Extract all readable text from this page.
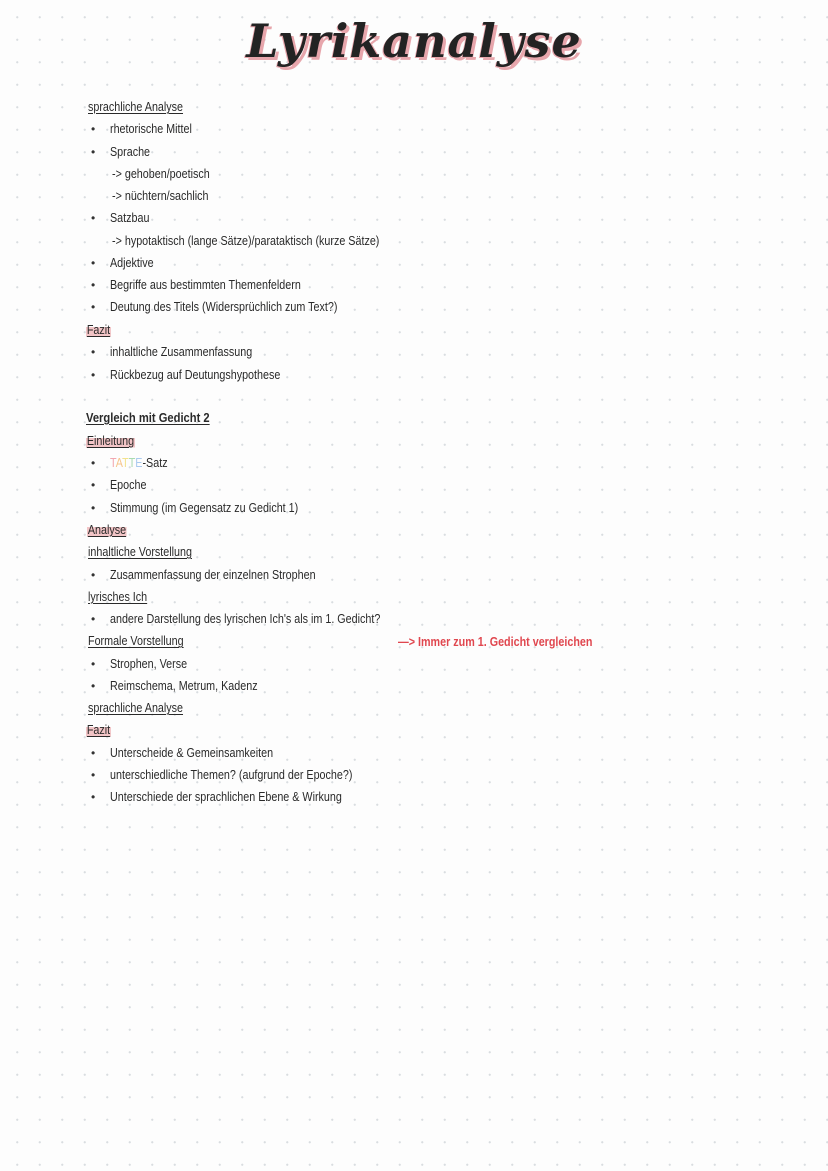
Lyrikanalyse
sprachliche Analyse
• rhetorische Mittel
• Sprache
-> gehoben/poetisch
-> nüchtern/sachlich
• Satzbau
-> hypotaktisch (lange Sätze)/parataktisch (kurze Sätze)
• Adjektive
• Begriffe aus bestimmten Themenfeldern
• Deutung des Titels (Widersprüchlich zum Text?)
Fazit
• inhaltliche Zusammenfassung
• Rückbezug auf Deutungshypothese
Vergleich mit Gedicht 2
Einleitung
• TATTE-Satz
• Epoche
• Stimmung (im Gegensatz zu Gedicht 1)
Analyse
inhaltliche Vorstellung
• Zusammenfassung der einzelnen Strophen
lyrisches Ich
• andere Darstellung des lyrischen Ich's als im 1. Gedicht?
Formale Vorstellung	—> Immer zum 1. Gedicht vergleichen
• Strophen, Verse
• Reimschema, Metrum, Kadenz
sprachliche Analyse
Fazit
• Unterscheide & Gemeinsamkeiten
• unterschiedliche Themen? (aufgrund der Epoche?)
• Unterschiede der sprachlichen Ebene & Wirkung
